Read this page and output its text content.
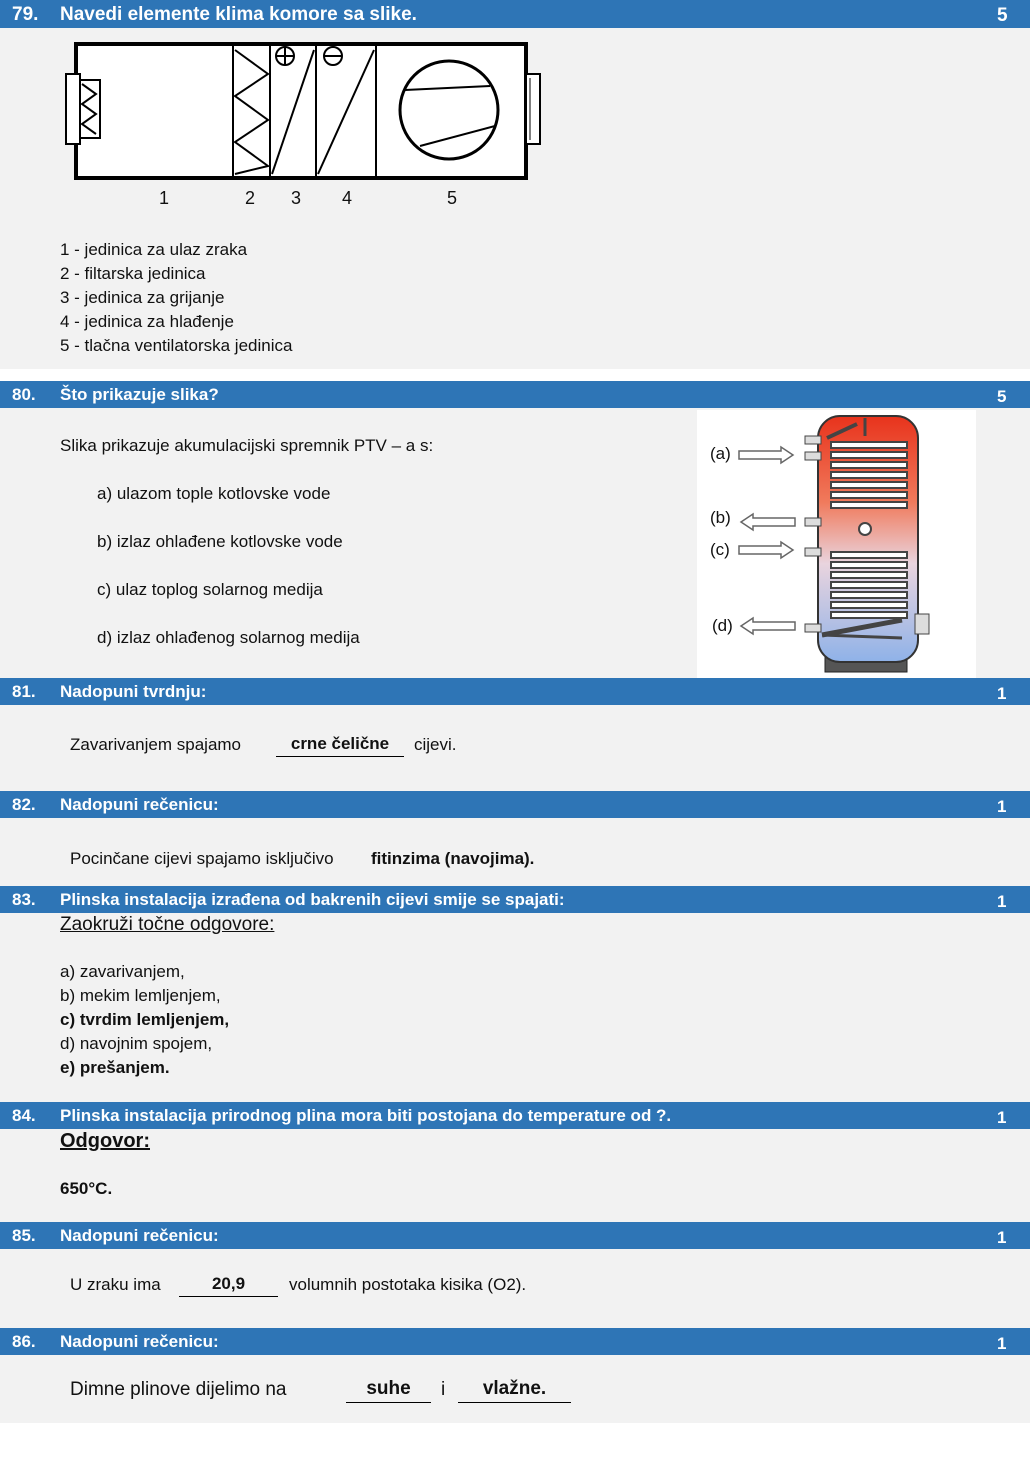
79. Navedi elemente klima komore sa slike.	5
1	2 3 4	5
1 - jedinica za ulaz zraka
2 - filtarska jedinica
3 - jedinica za grijanje
4 - jedinica za hlađenje
5 - tlačna ventilatorska jedinica
80. Što prikazuje slika?	5
Slika prikazuje akumulacijski spremnik PTV – a s:
a) ulazom tople kotlovske vode
b) izlaz ohlađene kotlovske vode
c) ulaz toplog solarnog medija
d) izlaz ohlađenog solarnog medija
(a)
(b)
(c)
(d)
81. Nadopuni tvrdnju:	1
Zavarivanjem spajamo	crne čelične	cijevi.
82. Nadopuni rečenicu:	1
Pocinčane cijevi spajamo isključivo fitinzima (navojima).
83. Plinska instalacija izrađena od bakrenih cijevi smije se spajati:	1
Zaokruži točne odgovore:
a) zavarivanjem,
b) mekim lemljenjem,
c) tvrdim lemljenjem,
d) navojnim spojem,
e) prešanjem.
84. Plinska instalacija prirodnog plina mora biti postojana do temperature od ?.	1
Odgovor:
650°C.
85. Nadopuni rečenicu:	1
U zraku ima	20,9	volumnih postotaka kisika (O2).
86. Nadopuni rečenicu:	1
Dimne plinove dijelimo na	suhe	i	vlažne.
